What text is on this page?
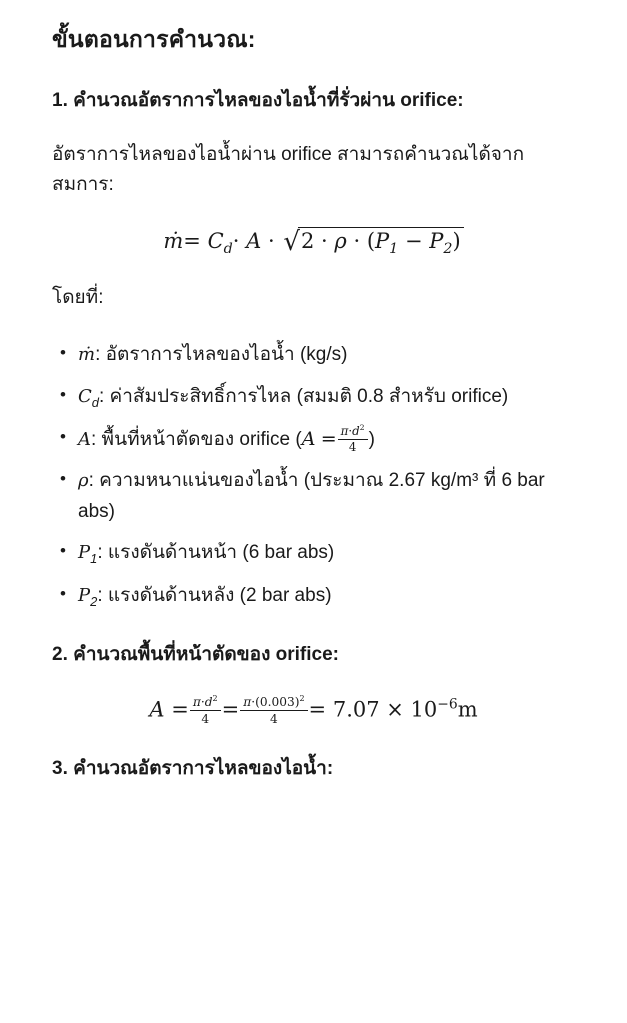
ขั้นตอนการคำนวณ:
1. คำนวณอัตราการไหลของไอน้ำที่รั่วผ่าน orifice:

อัตราการไหลของไอน้ำผ่าน orifice สามารถคำนวณได้จากสมการ:

ṁ= $C_d\cdot A \cdot √2 \cdot \rho \cdot (P_1 - P_2)$

โดยที่:

• ṁ: อัตราการไหลของไอน้ำ (kg/s)
• $C_d$: ค่าสัมประสิทธิ์การไหล (สมมติ 0.8 สำหรับ orifice)
• A: พื้นที่หน้าตัดของ orifice ($A = \frac{\pi\cdot d^2}{4}$ )
• ρ: ความหนาแน่นของไอน้ำ (ประมาณ 2.67 kg/m³ ที่ 6 bar abs)
• $P_1$: แรงดันด้านหน้า (6 bar abs)
• $P_2$: แรงดันด้านหลัง (2 bar abs)
2. คำนวณพื้นที่หน้าตัดของ orifice:
$A = \frac{\pi\cdot d^2}{4} = \frac{\pi\cdot(0.003)^2}{4} = 7.07 \times 10^{-6}m$
3. คำนวณอัตราการไหลของไอน้ำ:
